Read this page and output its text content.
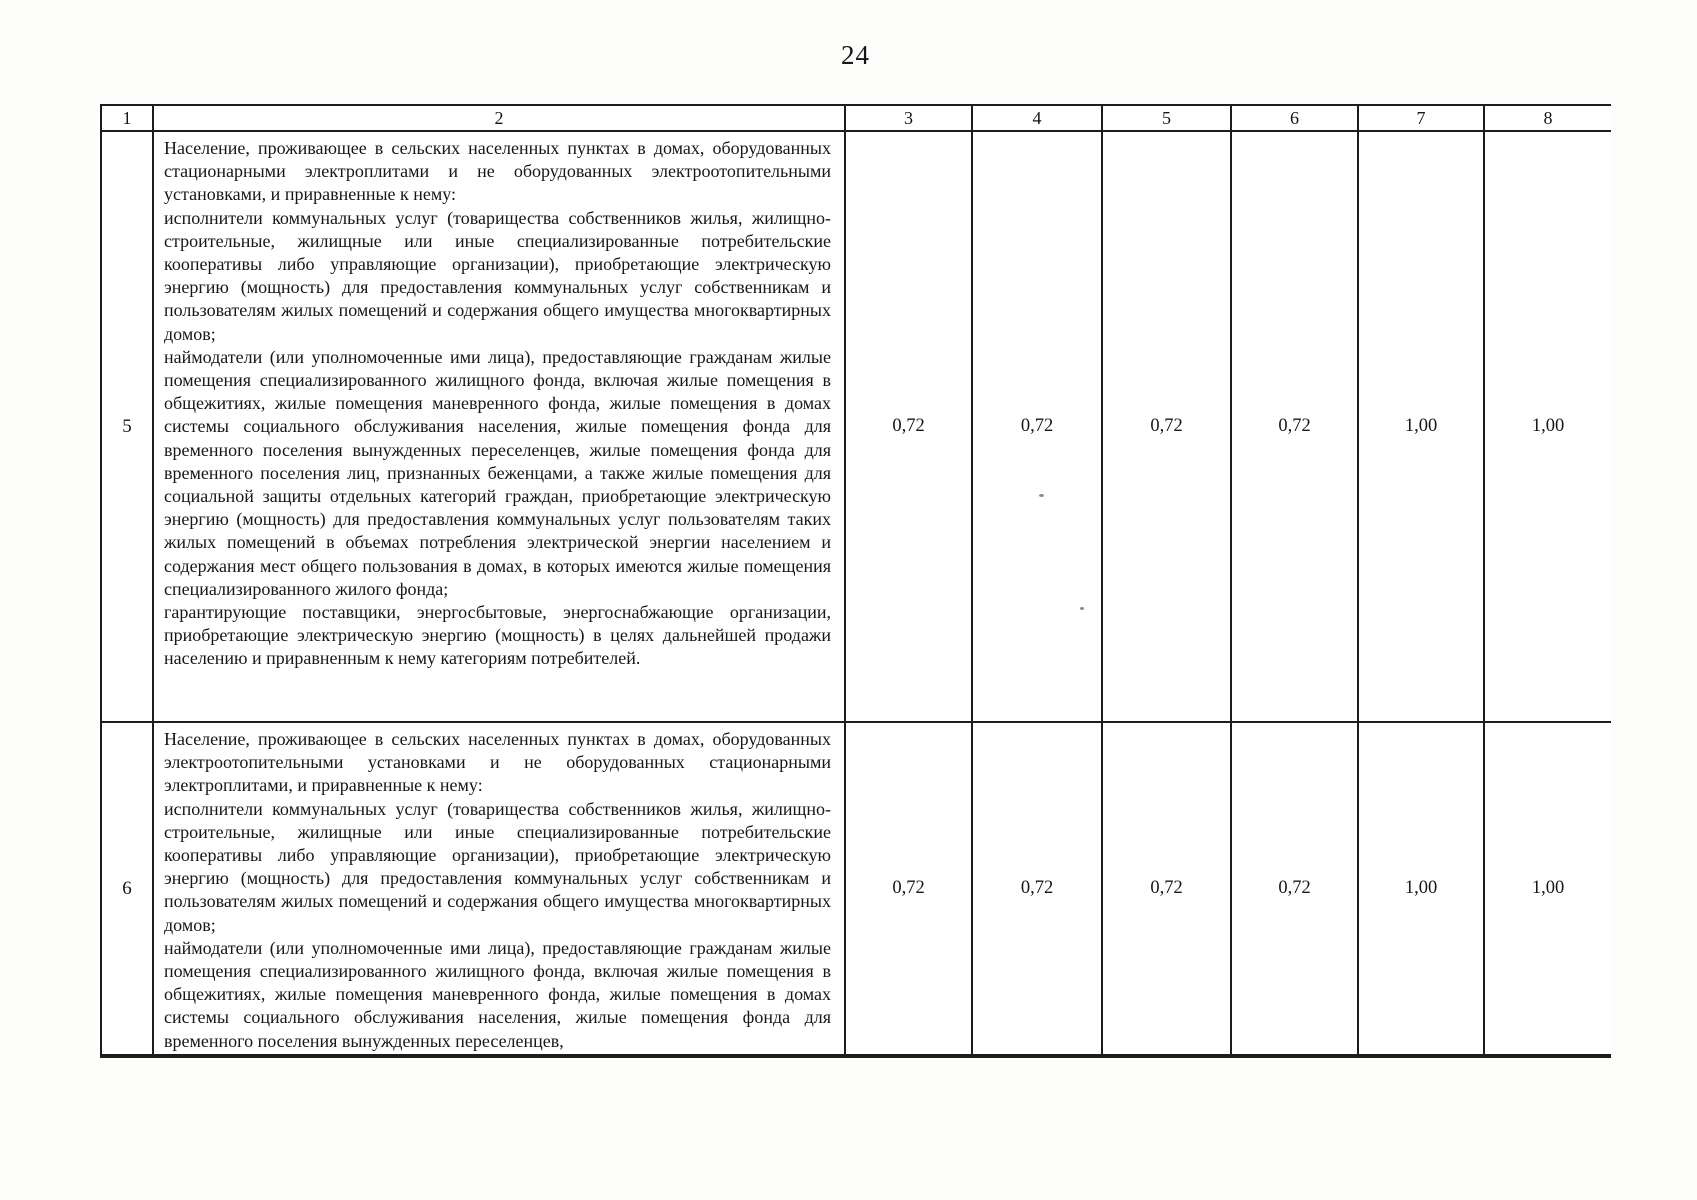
24
1	2	3	4	5	6	7	8
5	Население, проживающее в сельских населенных пунктах в домах, оборудованных стационарными электроплитами и не оборудованных электроотопительными установками, и приравненные к нему:

исполнители коммунальных услуг (товарищества собственников жилья, жилищно-строительные, жилищные или иные специализированные потребительские кооперативы либо управляющие организации), приобретающие электрическую энергию (мощность) для предоставления коммунальных услуг собственникам и пользователям жилых помещений и содержания общего имущества многоквартирных домов;

наймодатели (или уполномоченные ими лица), предоставляющие гражданам жилые помещения специализированного жилищного фонда, включая жилые помещения в общежитиях, жилые помещения маневренного фонда, жилые помещения в домах системы социального обслуживания населения, жилые помещения фонда для временного поселения вынужденных переселенцев, жилые помещения фонда для временного поселения лиц, признанных беженцами, а также жилые помещения для социальной защиты отдельных категорий граждан, приобретающие электрическую энергию (мощность) для предоставления коммунальных услуг пользователям таких жилых помещений в объемах потребления электрической энергии населением и содержания мест общего пользования в домах, в которых имеются жилые помещения специализированного жилого фонда;

гарантирующие поставщики, энергосбытовые, энергоснабжающие организации, приобретающие электрическую энергию (мощность) в целях дальнейшей продажи населению и приравненным к нему категориям потребителей.	0,72	0,72	0,72	0,72	1,00	1,00
6	Население, проживающее в сельских населенных пунктах в домах, оборудованных электроотопительными установками и не оборудованных стационарными электроплитами, и приравненные к нему:

исполнители коммунальных услуг (товарищества собственников жилья, жилищно-строительные, жилищные или иные специализированные потребительские кооперативы либо управляющие организации), приобретающие электрическую энергию (мощность) для предоставления коммунальных услуг собственникам и пользователям жилых помещений и содержания общего имущества многоквартирных домов;

наймодатели (или уполномоченные ими лица), предоставляющие гражданам жилые помещения специализированного жилищного фонда, включая жилые помещения в общежитиях, жилые помещения маневренного фонда, жилые помещения в домах системы социального обслуживания населения, жилые помещения фонда для временного поселения вынужденных переселенцев,	0,72	0,72	0,72	0,72	1,00	1,00
